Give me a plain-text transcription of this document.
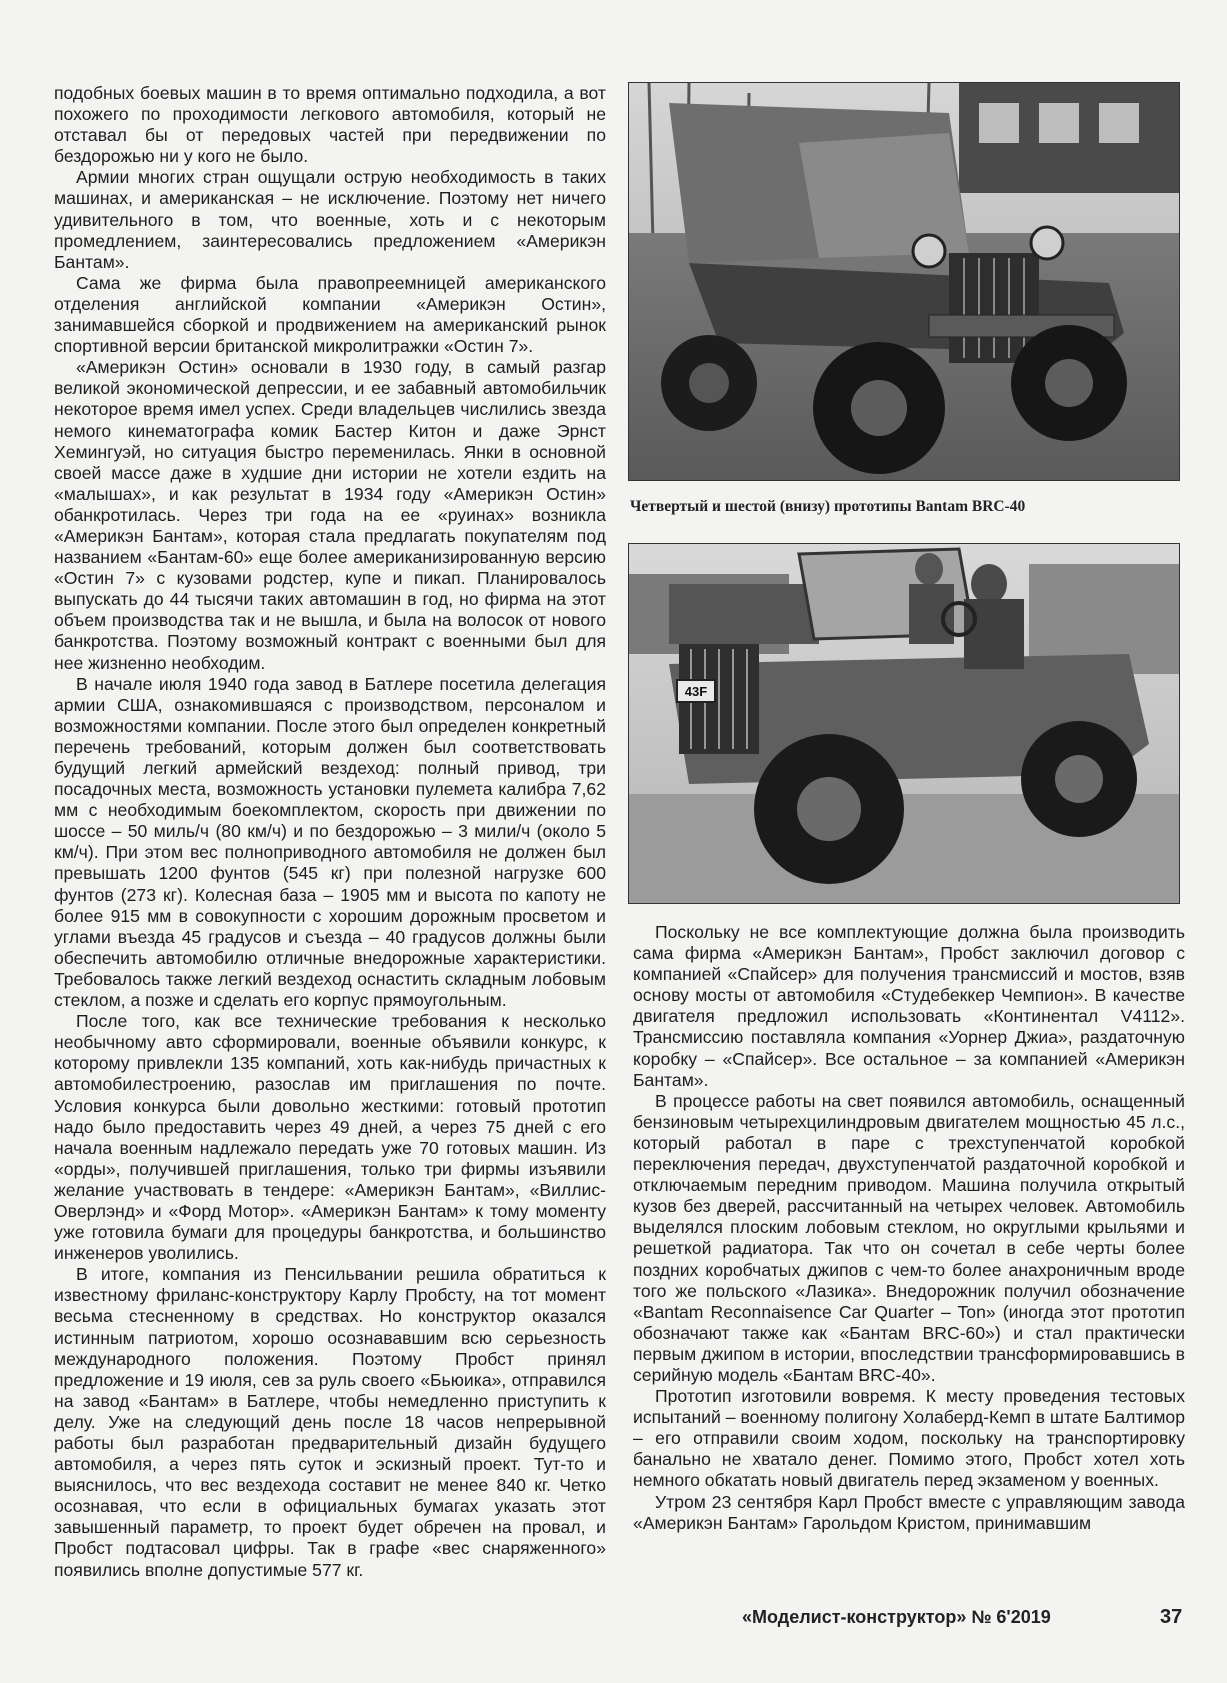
подобных боевых машин в то время оптимально подходила, а вот похожего по проходимости легкового автомобиля, который не отставал бы от передовых частей при передвижении по бездорожью ни у кого не было.

Армии многих стран ощущали острую необходимость в таких машинах, и американская – не исключение. Поэтому нет ничего удивительного в том, что военные, хоть и с некоторым промедлением, заинтересовались предложением «Америкэн Бантам».

Сама же фирма была правопреемницей американского отделения английской компании «Америкэн Остин», занимавшейся сборкой и продвижением на американский рынок спортивной версии британской микролитражки «Остин 7».

«Америкэн Остин» основали в 1930 году, в самый разгар великой экономической депрессии, и ее забавный автомобильчик некоторое время имел успех. Среди владельцев числились звезда немого кинематографа комик Бастер Китон и даже Эрнст Хемингуэй, но ситуация быстро переменилась. Янки в основной своей массе даже в худшие дни истории не хотели ездить на «малышах», и как результат в 1934 году «Америкэн Остин» обанкротилась. Через три года на ее «руинах» возникла «Америкэн Бантам», которая стала предлагать покупателям под названием «Бантам-60» еще более американизированную версию «Остин 7» с кузовами родстер, купе и пикап. Планировалось выпускать до 44 тысячи таких автомашин в год, но фирма на этот объем производства так и не вышла, и была на волосок от нового банкротства. Поэтому возможный контракт с военными был для нее жизненно необходим.

В начале июля 1940 года завод в Батлере посетила делегация армии США, ознакомившаяся с производством, персоналом и возможностями компании. После этого был определен конкретный перечень требований, которым должен был соответствовать будущий легкий армейский вездеход: полный привод, три посадочных места, возможность установки пулемета калибра 7,62 мм с необходимым боекомплектом, скорость при движении по шоссе – 50 миль/ч (80 км/ч) и по бездорожью – 3 мили/ч (около 5 км/ч). При этом вес полноприводного автомобиля не должен был превышать 1200 фунтов (545 кг) при полезной нагрузке 600 фунтов (273 кг). Колесная база – 1905 мм и высота по капоту не более 915 мм в совокупности с хорошим дорожным просветом и углами въезда 45 градусов и съезда – 40 градусов должны были обеспечить автомобилю отличные внедорожные характеристики. Требовалось также легкий вездеход оснастить складным лобовым стеклом, а позже и сделать его корпус прямоугольным.

После того, как все технические требования к несколько необычному авто сформировали, военные объявили конкурс, к которому привлекли 135 компаний, хоть как-нибудь причастных к автомобилестроению, разослав им приглашения по почте. Условия конкурса были довольно жесткими: готовый прототип надо было предоставить через 49 дней, а через 75 дней с его начала военным надлежало передать уже 70 готовых машин. Из «орды», получившей приглашения, только три фирмы изъявили желание участвовать в тендере: «Америкэн Бантам», «Виллис-Оверлэнд» и «Форд Мотор». «Америкэн Бантам» к тому моменту уже готовила бумаги для процедуры банкротства, и большинство инженеров уволились.

В итоге, компания из Пенсильвании решила обратиться к известному фриланс-конструктору Карлу Пробсту, на тот момент весьма стесненному в средствах. Но конструктор оказался истинным патриотом, хорошо осознававшим всю серьезность международного положения. Поэтому Пробст принял предложение и 19 июля, сев за руль своего «Бьюика», отправился на завод «Бантам» в Батлере, чтобы немедленно приступить к делу. Уже на следующий день после 18 часов непрерывной работы был разработан предварительный дизайн будущего автомобиля, а через пять суток и эскизный проект. Тут-то и выяснилось, что вес вездехода составит не менее 840 кг. Четко осознавая, что если в официальных бумагах указать этот завышенный параметр, то проект будет обречен на провал, и Пробст подтасовал цифры. Так в графе «вес снаряженного» появились вполне допустимые 577 кг.

Четвертый и шестой (внизу) прототипы Bantam BRC-40
43F

Поскольку не все комплектующие должна была производить сама фирма «Америкэн Бантам», Пробст заключил договор с компанией «Спайсер» для получения трансмиссий и мостов, взяв основу мосты от автомобиля «Студебеккер Чемпион». В качестве двигателя предложил использовать «Континентал V4112». Трансмиссию поставляла компания «Уорнер Джиа», раздаточную коробку – «Спайсер». Все остальное – за компанией «Америкэн Бантам».

В процессе работы на свет появился автомобиль, оснащенный бензиновым четырехцилиндровым двигателем мощностью 45 л.с., который работал в паре с трехступенчатой коробкой переключения передач, двухступенчатой раздаточной коробкой и отключаемым передним приводом. Машина получила открытый кузов без дверей, рассчитанный на четырех человек. Автомобиль выделялся плоским лобовым стеклом, но округлыми крыльями и решеткой радиатора. Так что он сочетал в себе черты более поздних коробчатых джипов с чем-то более анахроничным вроде того же польского «Лазика». Внедорожник получил обозначение «Bantam Reconnaisence Car Quarter – Ton» (иногда этот прототип обозначают также как «Бантам BRC-60») и стал практически первым джипом в истории, впоследствии трансформировавшись в серийную модель «Бантам BRC-40».

Прототип изготовили вовремя. К месту проведения тестовых испытаний – военному полигону Холаберд-Кемп в штате Балтимор – его отправили своим ходом, поскольку на транспортировку банально не хватало денег. Помимо этого, Пробст хотел хоть немного обкатать новый двигатель перед экзаменом у военных.

Утром 23 сентября Карл Пробст вместе с управляющим завода «Америкэн Бантам» Гарольдом Кристом, принимавшим

«Моделист-конструктор» № 6'2019	37
